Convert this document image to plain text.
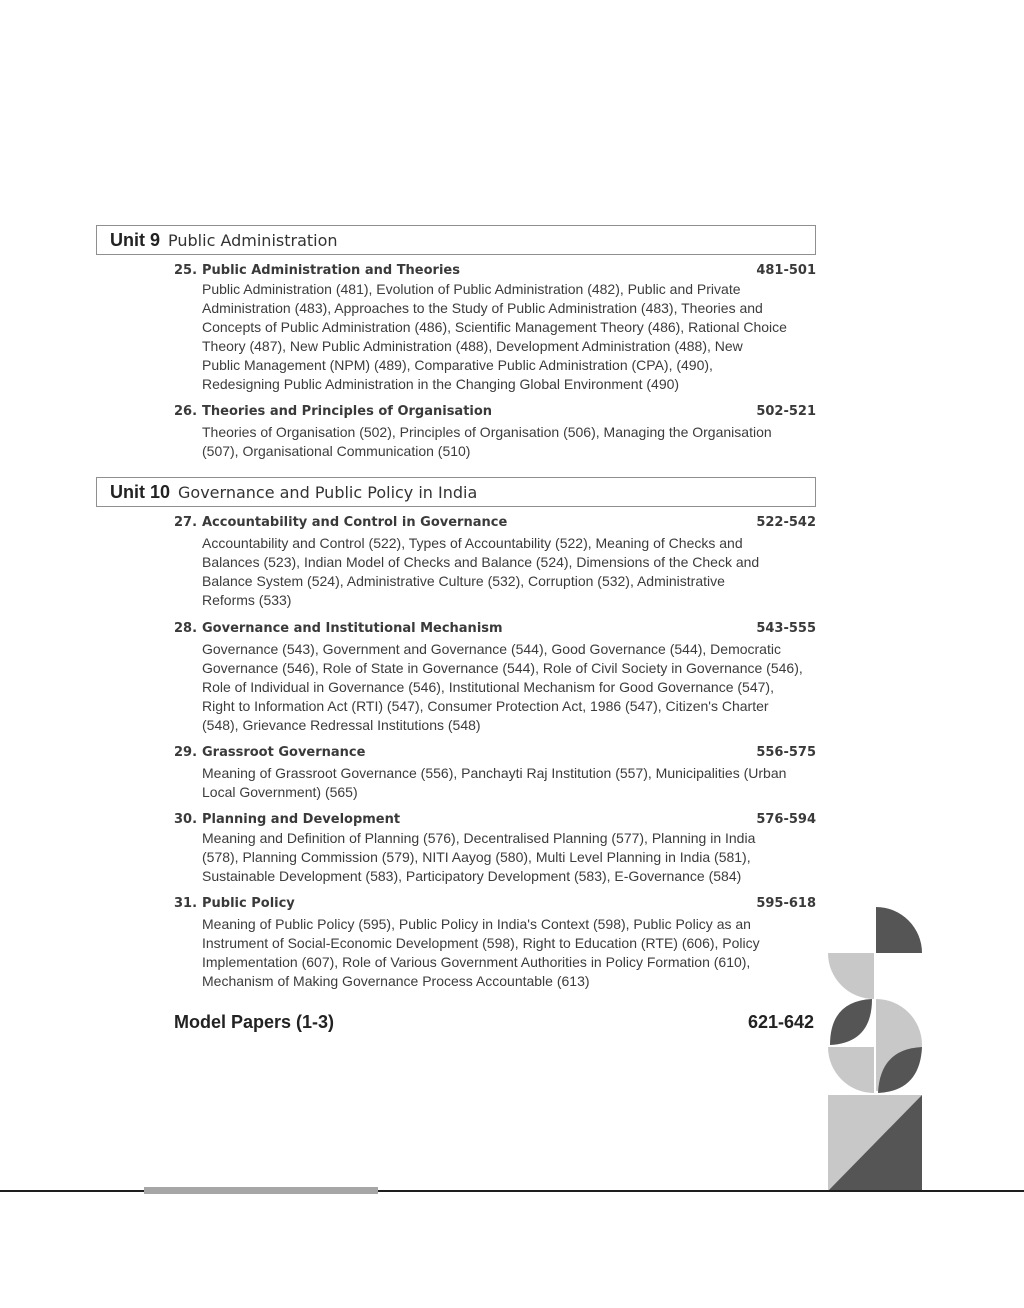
Unit 9 Public Administration
25. Public Administration and Theories	481-501
Public Administration (481), Evolution of Public Administration (482), Public and Private
Administration (483), Approaches to the Study of Public Administration (483), Theories and
Concepts of Public Administration (486), Scientific Management Theory (486), Rational Choice
Theory (487), New Public Administration (488), Development Administration (488), New
Public Management (NPM) (489), Comparative Public Administration (CPA), (490),
Redesigning Public Administration in the Changing Global Environment (490)
26. Theories and Principles of Organisation	502-521
Theories of Organisation (502), Principles of Organisation (506), Managing the Organisation
(507), Organisational Communication (510)
Unit 10 Governance and Public Policy in India
27. Accountability and Control in Governance	522-542
Accountability and Control (522), Types of Accountability (522), Meaning of Checks and
Balances (523), Indian Model of Checks and Balance (524), Dimensions of the Check and
Balance System (524), Administrative Culture (532), Corruption (532), Administrative
Reforms (533)
28. Governance and Institutional Mechanism	543-555
Governance (543), Government and Governance (544), Good Governance (544), Democratic
Governance (546), Role of State in Governance (544), Role of Civil Society in Governance (546),
Role of Individual in Governance (546), Institutional Mechanism for Good Governance (547),
Right to Information Act (RTI) (547), Consumer Protection Act, 1986 (547), Citizen's Charter
(548), Grievance Redressal Institutions (548)
29. Grassroot Governance	556-575
Meaning of Grassroot Governance (556), Panchayti Raj Institution (557), Municipalities (Urban
Local Government) (565)
30. Planning and Development	576-594
Meaning and Definition of Planning (576), Decentralised Planning (577), Planning in India
(578), Planning Commission (579), NITI Aayog (580), Multi Level Planning in India (581),
Sustainable Development (583), Participatory Development (583), E-Governance (584)
31. Public Policy	595-618
Meaning of Public Policy (595), Public Policy in India's Context (598), Public Policy as an
Instrument of Social-Economic Development (598), Right to Education (RTE) (606), Policy
Implementation (607), Role of Various Government Authorities in Policy Formation (610),
Mechanism of Making Governance Process Accountable (613)
Model Papers (1-3)	621-642
